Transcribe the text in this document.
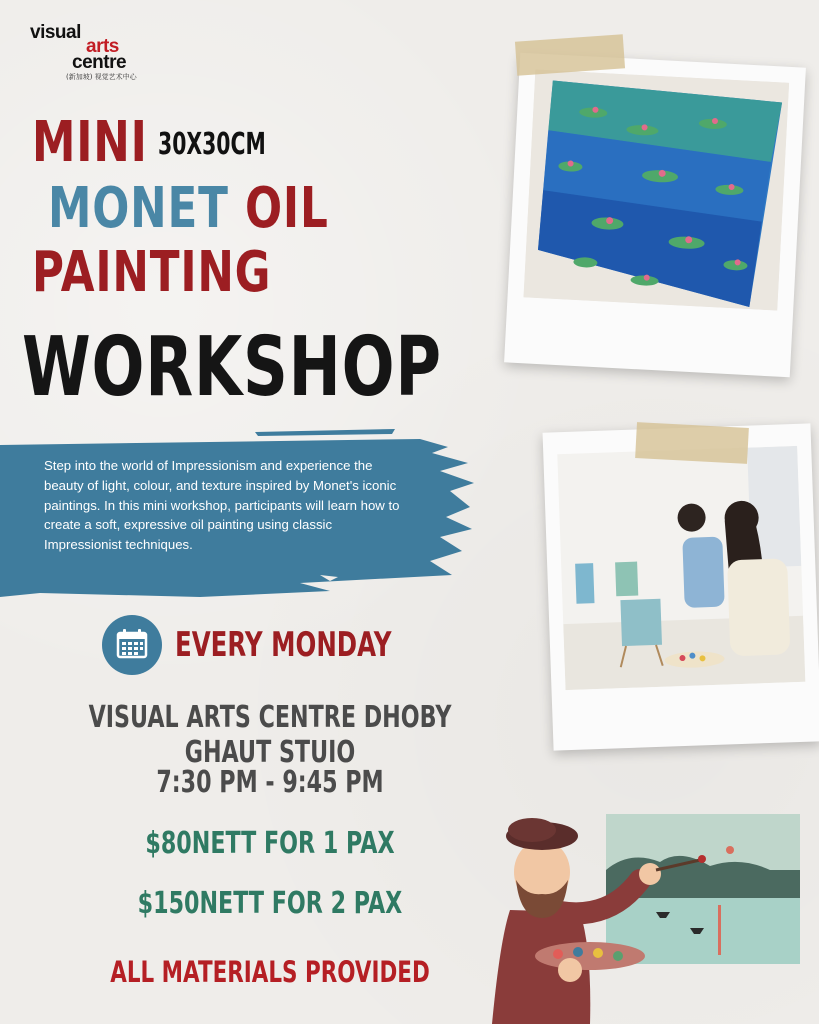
visual
arts
centre
(新加坡) 视觉艺术中心
MINI 30X30CM
MONET OIL
PAINTING
WORKSHOP

Step into the world of Impressionism and experience the beauty of light, colour, and texture inspired by Monet's iconic paintings. In this mini workshop, participants will learn how to create a soft, expressive oil painting using classic Impressionist techniques.

EVERY MONDAY
VISUAL ARTS CENTRE DHOBY GHAUT STUIO
7:30 PM - 9:45 PM
$80NETT FOR 1 PAX
$150NETT FOR 2 PAX
ALL MATERIALS PROVIDED
